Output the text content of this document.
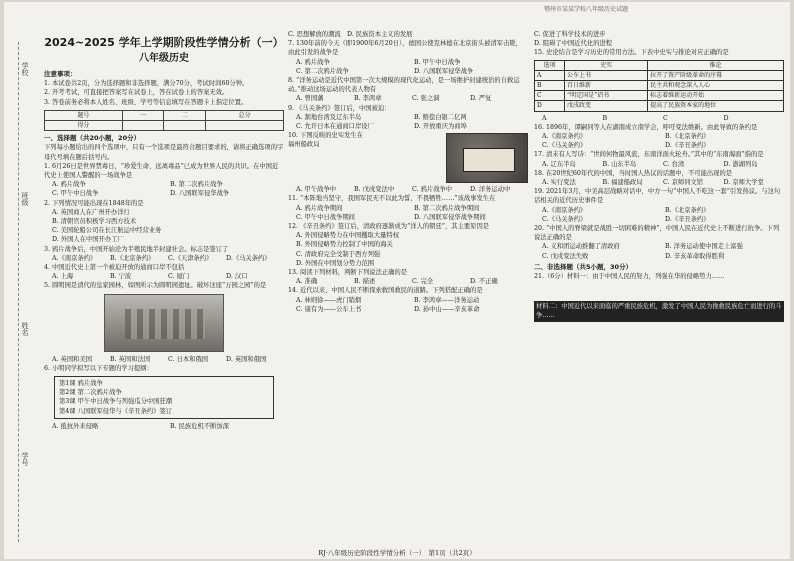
鄂州市某某学校八年级历史试题
学校
班级
姓名
学号
2024~2025 学年上学期阶段性学情分析（一）
八年级历史

注意事项：

1. 本试卷共2页，分为选择题和非选择题，满分70分，考试时间60分钟。

2. 开考考试，可直接把答案写在试卷上，答在试卷上的答案无效。

3. 答卷前务必将本人姓名、班级、学号等信息填写在答题卡上指定位置。

题号	一	二	总分
得分			

一、选择题（共20小题，20分）

下列每小题给出的四个选项中，只有一个选项是最符合题目要求的，请将正确选项的字母代号填在题后括号内。

1. 6月26日是世界禁毒日，“珍爱生命、远离毒品”已成为世界人民的共识。在中国近代史上使国人警醒的一场战争是

A. 鸦片战争	B. 第二次鸦片战争
C. 甲午中日战争	D. 八国联军侵华战争

2. 下列情况可能出现在1848年的是

A. 英国商人在广州开办洋行

B. 清朝官员积极学习西方技术

C. 美国轮船公司在长江航运中经营业务

D. 外国人在中国开办工厂

3. 鸦片战争后，中国开始沦为半殖民地半封建社会。标志是签订了

A.《南京条约》	B.《北京条约》	C.《天津条约》	D.《马关条约》

4. 中国近代史上第一个被迫开放的通商口岸不包括

A. 上海	B. 宁波	C. 厦门	D. 汉口

5. 圆明园是清代的皇家园林，如图所示为圆明园遗址。破坏这座“万园之园”的是

A. 英国和美国	B. 英国和法国	C. 日本和俄国	D. 英国和俄国

6. 小明同学拟写以下专题的学习提纲：

第1课 鸦片战争

第2课 第二次鸦片战争

第3课 甲午中日战争与列强瓜分中国狂潮

第4课 八国联军侵华与《辛丑条约》签订

A. 抵抗外来侵略	B. 民族危机不断加深

C. 思想解放的潮流　D. 民族资本主义的发展

7. 130年前的今天（即1900年6月20日），德国公使克林德在北京街头被清军击毙，由此引发的战争是

A. 鸦片战争	B. 甲午中日战争
C. 第二次鸦片战争	D. 八国联军侵华战争

8. “洋务运动是近代中国第一次大规模的现代化运动，是一场维护封建统治的自救运动。”推动这场运动的代表人物有

A. 曾国藩	B. 李鸿章	C. 张之洞	D. 严复

9. 《马关条约》签订后，中国被迫：

A. 割地台湾及辽东半岛	B. 赔偿白银二亿两
C. 允许日本在通商口岸设厂	D. 开放重庆为商埠

10. 下图反映的史实发生在

福州船政局

A. 甲午战争中	B. 戊戌变法中	C. 鸦片战争中	D. 洋务运动中

11. “本阵地当坚守，我国军民无不以此为誓，不畏牺牲……”该战事发生在

A. 鸦片战争期间	B. 第二次鸦片战争期间
C. 甲午中日战争期间	D. 八国联军侵华战争期间

12. 《辛丑条约》签订后，清政府逐渐成为“洋人的朝廷”，其主要原因是

A. 外国侵略势力在中国攫取大量特权

B. 外国侵略势力控制了中国的海关

C. 清政府完全受制于西方列强

D. 外国在中国划分势力范围

13. 阅读下列材料，判断下列说法正确的是

A. 准确	B. 描述	C. 完全	D. 不正确

14. 近代以来，中国人民不断探索救国救民的道路。下列搭配正确的是

A. 林则徐——虎门销烟	B. 李鸿章——洋务运动
C. 康有为——公车上书	D. 孙中山——辛亥革命

C. 促进了科学技术的进步

D. 阻碍了中国近代化的进程

15. 史论结合是学习历史的常用方法。下表中史实与推论对应正确的是

选项	史实	推论
A	公车上书	拉开了资产阶级革命的序幕
B	百日维新	民主共和观念深入人心
C	“明定国是”诏书	标志着维新运动开始
D	戊戌政变	提高了民族资本家的地位
A	B	C	D

16. 1896年，谭嗣同等人在湖南成立南学会，呼吁变法维新。由此导致的条约是

A.《南京条约》	B.《北京条约》
C.《马关条约》	D.《辛丑条约》

17. 清末有人写诗：“世间何物最风流，东南洋面火轮舟。”其中的“东南海面”指的是

A. 辽东半岛	B. 山东半岛	C. 台湾	D. 澎湖列岛

18. 在20世纪60年代的中国，当时国人热议的话题中，不可能出现的是

A. 实行变法	B. 福建船政局	C. 京师同文馆	D. 京师大学堂

19. 2021年3月，中美高层战略对话中，中方一句“中国人不吃这一套”引发热议。与这句话相关的近代历史事件是

A.《南京条约》	B.《北京条约》
C.《马关条约》	D.《辛丑条约》

20. “中国人的脊梁就是战胜一切困难的精神”，中国人民在近代史上不断进行抗争。下列说法正确的是

A. 义和团运动推翻了清政府	B. 洋务运动使中国走上富强
C. 戊戌变法失败	D. 辛亥革命取得胜利

二、非选择题（共5小题，30分）

21.（6分）材料一：由于中国人民的努力，列强在华的侵略势力……

材料二：中国近代以来面临的严重民族危机，激发了中国人民为挽救民族危亡而进行的斗争……

RJ·八年级历史阶段性学情分析（一）　第1页（共2页）
